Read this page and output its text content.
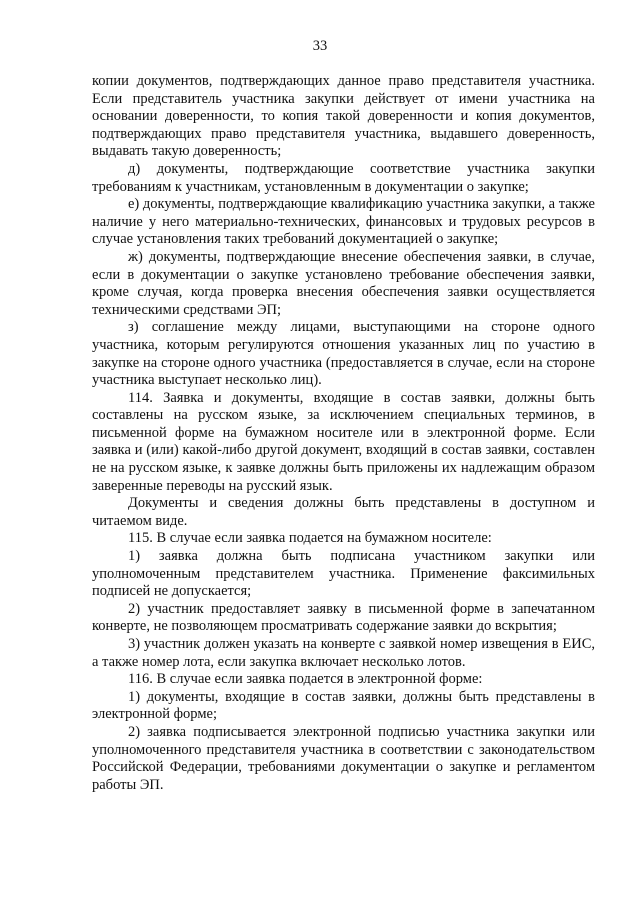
33

копии документов, подтверждающих данное право представителя участника. Если представитель участника закупки действует от имени участника на основании доверенности, то копия такой доверенности и копия документов, подтверждающих право представителя участника, выдавшего доверенность, выдавать такую доверенность;

д) документы, подтверждающие соответствие участника закупки требованиям к участникам, установленным в документации о закупке;

е) документы, подтверждающие квалификацию участника закупки, а также наличие у него материально-технических, финансовых и трудовых ресурсов в случае установления таких требований документацией о закупке;

ж) документы, подтверждающие внесение обеспечения заявки, в случае, если в документации о закупке установлено требование обеспечения заявки, кроме случая, когда проверка внесения обеспечения заявки осуществляется техническими средствами ЭП;

з) соглашение между лицами, выступающими на стороне одного участника, которым регулируются отношения указанных лиц по участию в закупке на стороне одного участника (предоставляется в случае, если на стороне участника выступает несколько лиц).

114. Заявка и документы, входящие в состав заявки, должны быть составлены на русском языке, за исключением специальных терминов, в письменной форме на бумажном носителе или в электронной форме. Если заявка и (или) какой-либо другой документ, входящий в состав заявки, составлен не на русском языке, к заявке должны быть приложены их надлежащим образом заверенные переводы на русский язык.

Документы и сведения должны быть представлены в доступном и читаемом виде.

115. В случае если заявка подается на бумажном носителе:

1) заявка должна быть подписана участником закупки или уполномоченным представителем участника. Применение факсимильных подписей не допускается;

2) участник предоставляет заявку в письменной форме в запечатанном конверте, не позволяющем просматривать содержание заявки до вскрытия;

3) участник должен указать на конверте с заявкой номер извещения в ЕИС, а также номер лота, если закупка включает несколько лотов.

116. В случае если заявка подается в электронной форме:

1) документы, входящие в состав заявки, должны быть представлены в электронной форме;

2) заявка подписывается электронной подписью участника закупки или уполномоченного представителя участника в соответствии с законодательством Российской Федерации, требованиями документации о закупке и регламентом работы ЭП.
